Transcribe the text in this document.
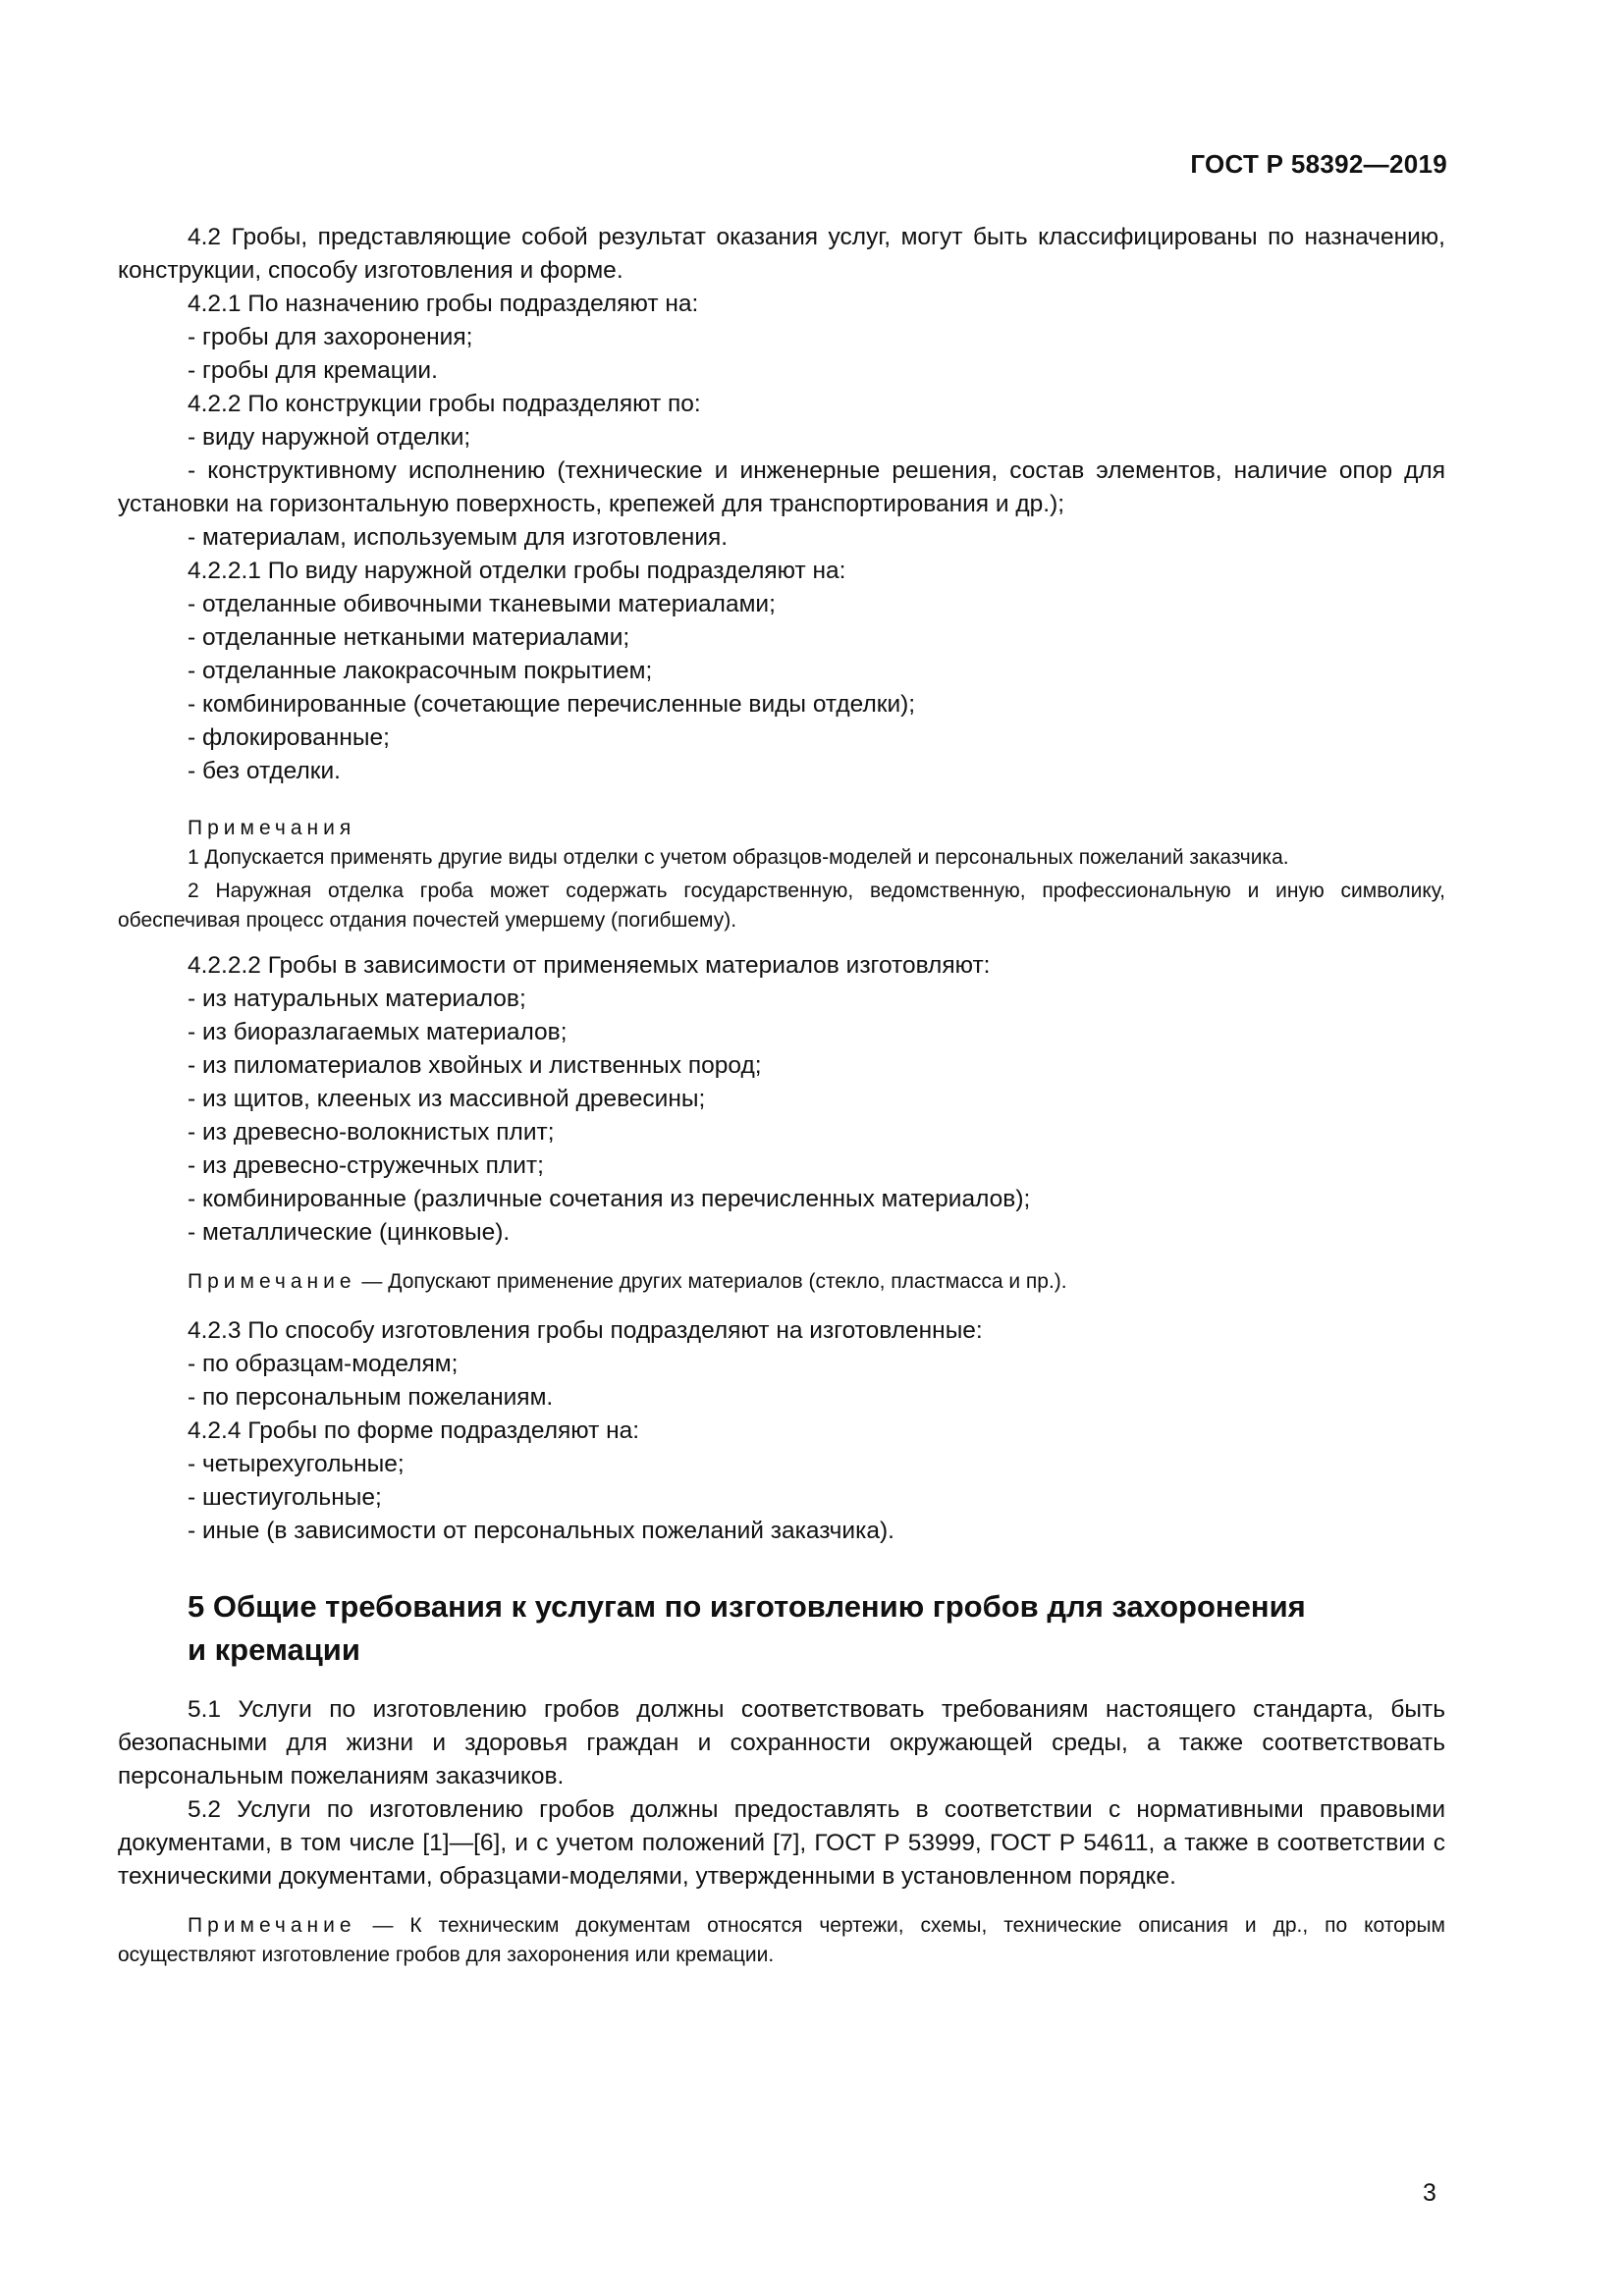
ГОСТ Р 58392—2019

4.2 Гробы, представляющие собой результат оказания услуг, могут быть классифицированы по назначению, конструкции, способу изготовления и форме.

4.2.1 По назначению гробы подразделяют на:

- гробы для захоронения;

- гробы для кремации.

4.2.2 По конструкции гробы подразделяют по:

- виду наружной отделки;

- конструктивному исполнению (технические и инженерные решения, состав элементов, наличие опор для установки на горизонтальную поверхность, крепежей для транспортирования и др.);

- материалам, используемым для изготовления.

4.2.2.1 По виду наружной отделки гробы подразделяют на:

- отделанные обивочными тканевыми материалами;

- отделанные неткаными материалами;

- отделанные лакокрасочным покрытием;

- комбинированные (сочетающие перечисленные виды отделки);

- флокированные;

- без отделки.

Примечания

1 Допускается применять другие виды отделки с учетом образцов-моделей и персональных пожеланий заказчика.

2 Наружная отделка гроба может содержать государственную, ведомственную, профессиональную и иную символику, обеспечивая процесс отдания почестей умершему (погибшему).

4.2.2.2 Гробы в зависимости от применяемых материалов изготовляют:

- из натуральных материалов;

- из биоразлагаемых материалов;

- из пиломатериалов хвойных и лиственных пород;

- из щитов, клееных из массивной древесины;

- из древесно-волокнистых плит;

- из древесно-стружечных плит;

- комбинированные (различные сочетания из перечисленных материалов);

- металлические (цинковые).

Примечание — Допускают применение других материалов (стекло, пластмасса и пр.).

4.2.3 По способу изготовления гробы подразделяют на изготовленные:

- по образцам-моделям;

- по персональным пожеланиям.

4.2.4 Гробы по форме подразделяют на:

- четырехугольные;

- шестиугольные;

- иные (в зависимости от персональных пожеланий заказчика).

5 Общие требования к услугам по изготовлению гробов для захоронения

и кремации

5.1 Услуги по изготовлению гробов должны соответствовать требованиям настоящего стандарта, быть безопасными для жизни и здоровья граждан и сохранности окружающей среды, а также соответствовать персональным пожеланиям заказчиков.

5.2 Услуги по изготовлению гробов должны предоставлять в соответствии с нормативными правовыми документами, в том числе [1]—[6], и с учетом положений [7], ГОСТ Р 53999, ГОСТ Р 54611, а также в соответствии с техническими документами, образцами-моделями, утвержденными в установленном порядке.

Примечание — К техническим документам относятся чертежи, схемы, технические описания и др., по которым осуществляют изготовление гробов для захоронения или кремации.

3
